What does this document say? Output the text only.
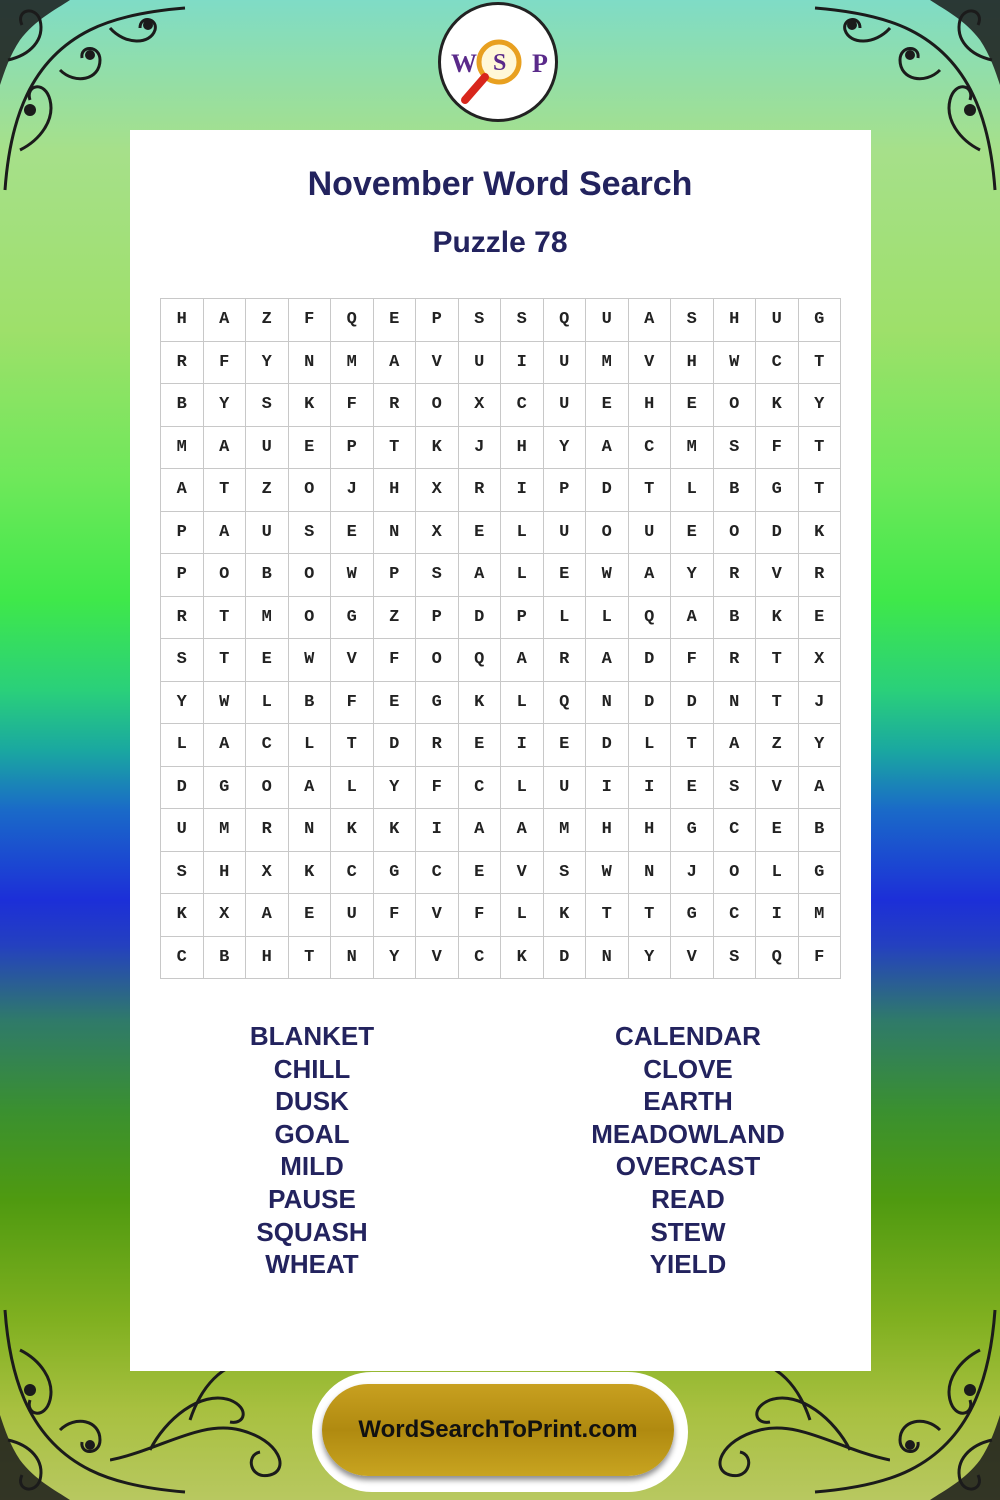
W S P
November Word Search
Puzzle 78
H	A	Z	F	Q	E	P	S	S	Q	U	A	S	H	U	G
R	F	Y	N	M	A	V	U	I	U	M	V	H	W	C	T
B	Y	S	K	F	R	O	X	C	U	E	H	E	O	K	Y
M	A	U	E	P	T	K	J	H	Y	A	C	M	S	F	T
A	T	Z	O	J	H	X	R	I	P	D	T	L	B	G	T
P	A	U	S	E	N	X	E	L	U	O	U	E	O	D	K
P	O	B	O	W	P	S	A	L	E	W	A	Y	R	V	R
R	T	M	O	G	Z	P	D	P	L	L	Q	A	B	K	E
S	T	E	W	V	F	O	Q	A	R	A	D	F	R	T	X
Y	W	L	B	F	E	G	K	L	Q	N	D	D	N	T	J
L	A	C	L	T	D	R	E	I	E	D	L	T	A	Z	Y
D	G	O	A	L	Y	F	C	L	U	I	I	E	S	V	A
U	M	R	N	K	K	I	A	A	M	H	H	G	C	E	B
S	H	X	K	C	G	C	E	V	S	W	N	J	O	L	G
K	X	A	E	U	F	V	F	L	K	T	T	G	C	I	M
C	B	H	T	N	Y	V	C	K	D	N	Y	V	S	Q	F
BLANKET
CHILL
DUSK
GOAL
MILD
PAUSE
SQUASH
WHEAT
CALENDAR
CLOVE
EARTH
MEADOWLAND
OVERCAST
READ
STEW
YIELD
WordSearchToPrint.com
